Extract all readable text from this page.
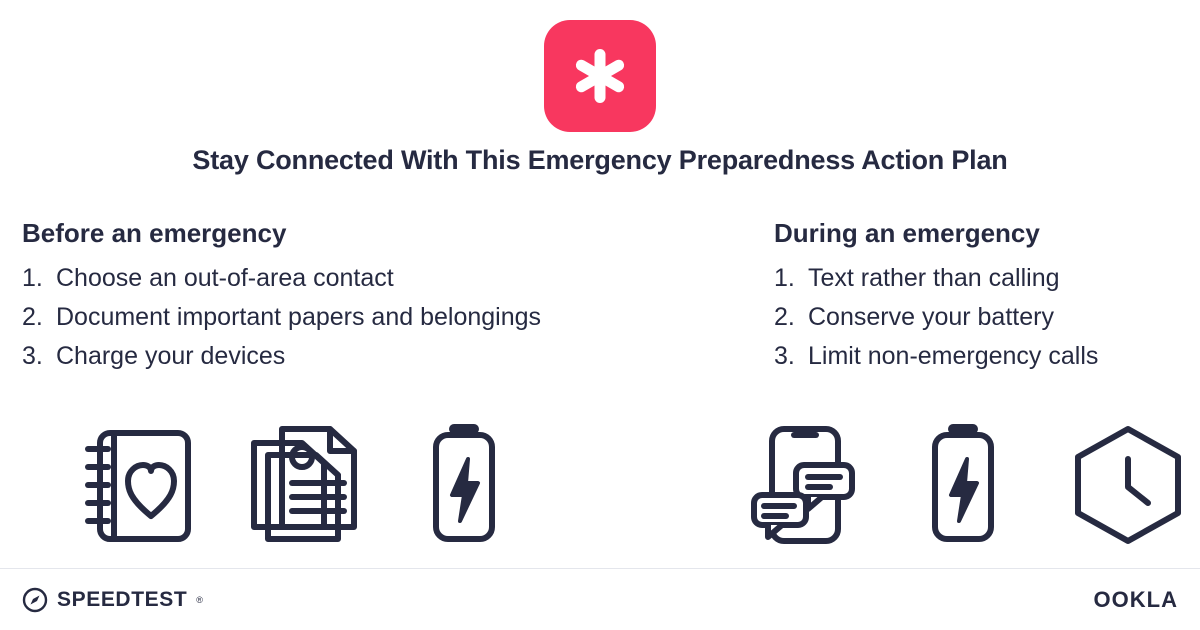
Stay Connected With This Emergency Preparedness Action Plan
Before an emergency
1. Choose an out-of-area contact
2. Document important papers and belongings
3. Charge your devices
During an emergency
1. Text rather than calling
2. Conserve your battery
3. Limit non-emergency calls
SPEEDTEST ®	OOKLA
